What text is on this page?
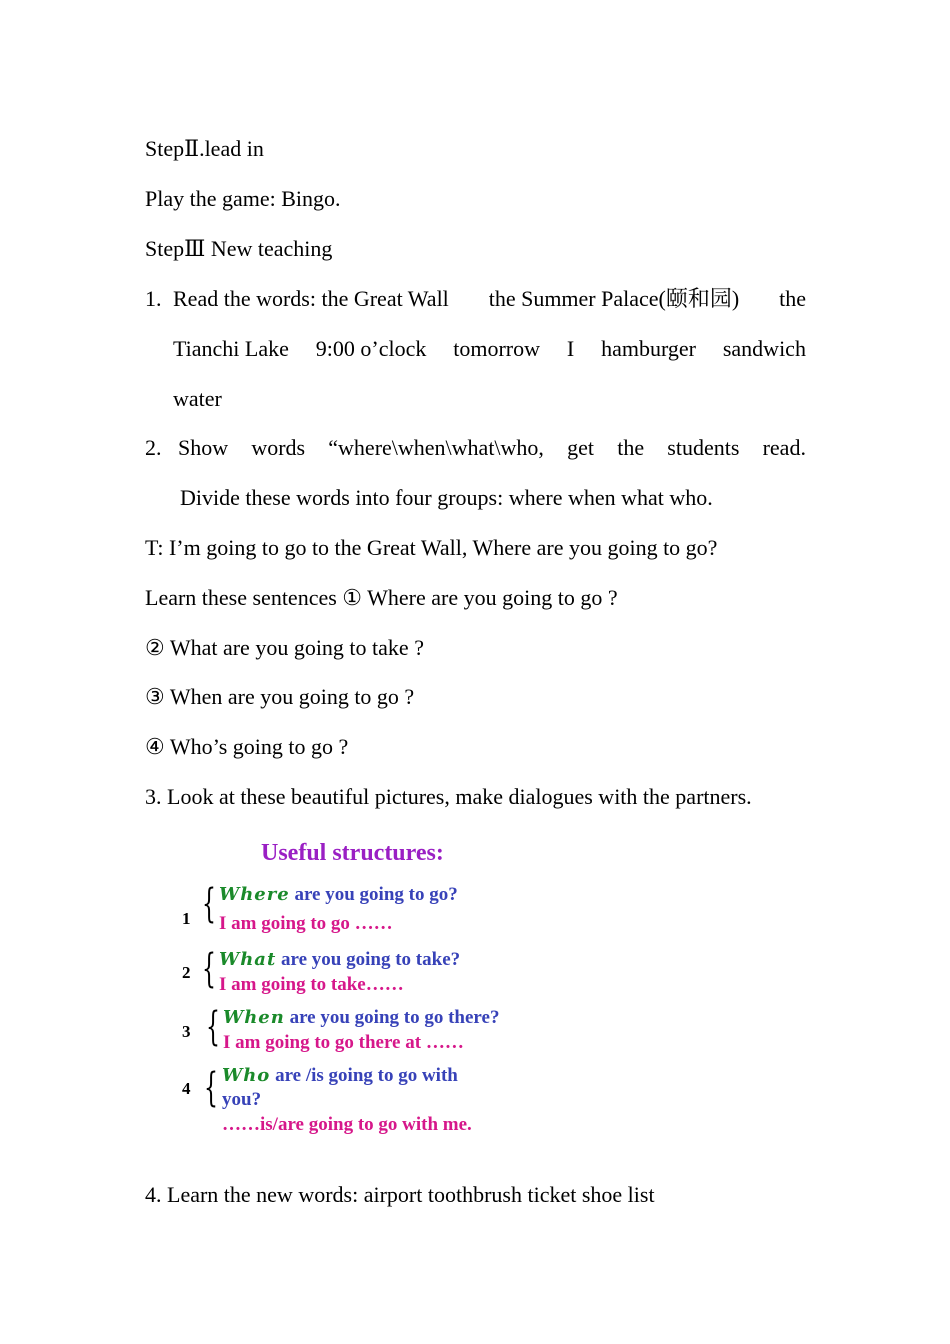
StepⅡ.lead in
Play the game: Bingo.
StepⅢ New teaching
1. Read the words: the Great Wall the Summer Palace(颐和园) the
Tianchi Lake 9:00 o’clock tomorrow I hamburger sandwich
water
2. Show words “where\when\what\who, get the students read.
Divide these words into four groups: where when what who.
T: I’m going to go to the Great Wall, Where are you going to go?
Learn these sentences ① Where are you going to go ?
② What are you going to take ?
③ When are you going to go ?
④ Who’s going to go ?
3. Look at these beautiful pictures, make dialogues with the partners.
Useful structures:
1 { Where are you going to go?
I am going to go ……
2 { What are you going to take?
I am going to take……
3 { When are you going to go there?
I am going to go there at ……
4 { Who are /is going to go with
you?
……is/are going to go with me.
4. Learn the new words: airport toothbrush ticket shoe list
